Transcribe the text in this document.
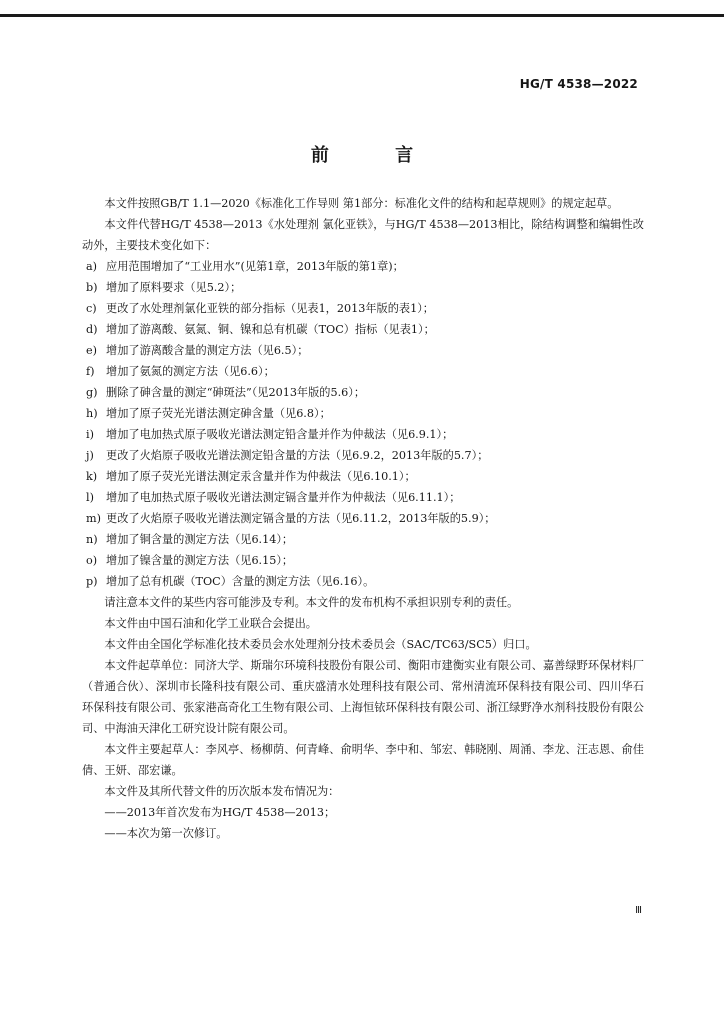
HG/T 4538—2022
前 言

本文件按照GB/T 1.1—2020《标准化工作导则 第1部分：标准化文件的结构和起草规则》的规定起草。

本文件代替HG/T 4538—2013《水处理剂 氯化亚铁》，与HG/T 4538—2013相比，除结构调整和编辑性改动外，主要技术变化如下：

a) 应用范围增加了“工业用水”(见第1章，2013年版的第1章)；

b) 增加了原料要求（见5.2）；

c) 更改了水处理剂氯化亚铁的部分指标（见表1，2013年版的表1）；

d) 增加了游离酸、氨氮、铜、镍和总有机碳（TOC）指标（见表1）；

e) 增加了游离酸含量的测定方法（见6.5）；

f) 增加了氨氮的测定方法（见6.6）；

g) 删除了砷含量的测定“砷斑法”（见2013年版的5.6）；

h) 增加了原子荧光光谱法测定砷含量（见6.8）；

i) 增加了电加热式原子吸收光谱法测定铅含量并作为仲裁法（见6.9.1）；

j) 更改了火焰原子吸收光谱法测定铅含量的方法（见6.9.2，2013年版的5.7）；

k) 增加了原子荧光光谱法测定汞含量并作为仲裁法（见6.10.1）；

l) 增加了电加热式原子吸收光谱法测定镉含量并作为仲裁法（见6.11.1）；

m) 更改了火焰原子吸收光谱法测定镉含量的方法（见6.11.2，2013年版的5.9）；

n) 增加了铜含量的测定方法（见6.14）；

o) 增加了镍含量的测定方法（见6.15）；

p) 增加了总有机碳（TOC）含量的测定方法（见6.16）。

请注意本文件的某些内容可能涉及专利。本文件的发布机构不承担识别专利的责任。

本文件由中国石油和化学工业联合会提出。

本文件由全国化学标准化技术委员会水处理剂分技术委员会（SAC/TC63/SC5）归口。

本文件起草单位：同济大学、斯瑞尔环境科技股份有限公司、衡阳市建衡实业有限公司、嘉善绿野环保材料厂（普通合伙）、深圳市长隆科技有限公司、重庆盛清水处理科技有限公司、常州清流环保科技有限公司、四川华石环保科技有限公司、张家港高奇化工生物有限公司、上海恒铱环保科技有限公司、浙江绿野净水剂科技股份有限公司、中海油天津化工研究设计院有限公司。

本文件主要起草人：李风亭、杨柳荫、何青峰、俞明华、李中和、邹宏、韩晓刚、周涌、李龙、汪志恩、俞佳倩、王妍、邵宏谦。

本文件及其所代替文件的历次版本发布情况为：

——2013年首次发布为HG/T 4538—2013；

——本次为第一次修订。

Ⅲ
